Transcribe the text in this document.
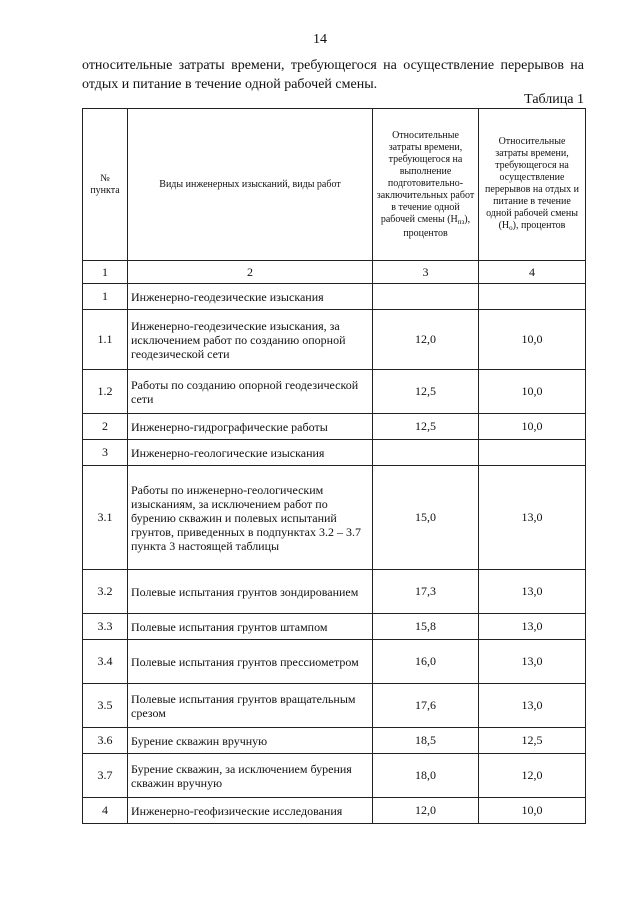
14

относительные затраты времени, требующегося на осуществление перерывов на отдых и питание в течение одной рабочей смены.

Таблица 1
№ пункта	Виды инженерных изысканий, виды работ	Относительные затраты времени, требующегося на выполнение подготовительно-заключительных работ в течение одной рабочей смены $(Н_{пз})$, процентов	Относительные затраты времени, требующегося на осуществление перерывов на отдых и питание в течение одной рабочей смены $(Н_о)$, процентов
1	2	3	4
1	Инженерно-геодезические изыскания		
1.1	Инженерно-геодезические изыскания, за исключением работ по созданию опорной геодезической сети	12,0	10,0
1.2	Работы по созданию опорной геодезической сети	12,5	10,0
2	Инженерно-гидрографические работы	12,5	10,0
3	Инженерно-геологические изыскания		
3.1	Работы по инженерно-геологическим изысканиям, за исключением работ по бурению скважин и полевых испытаний грунтов, приведенных в подпунктах 3.2 – 3.7 пункта 3 настоящей таблицы	15,0	13,0
3.2	Полевые испытания грунтов зондированием	17,3	13,0
3.3	Полевые испытания грунтов штампом	15,8	13,0
3.4	Полевые испытания грунтов прессиометром	16,0	13,0
3.5	Полевые испытания грунтов вращательным срезом	17,6	13,0
3.6	Бурение скважин вручную	18,5	12,5
3.7	Бурение скважин, за исключением бурения скважин вручную	18,0	12,0
4	Инженерно-геофизические исследования	12,0	10,0
